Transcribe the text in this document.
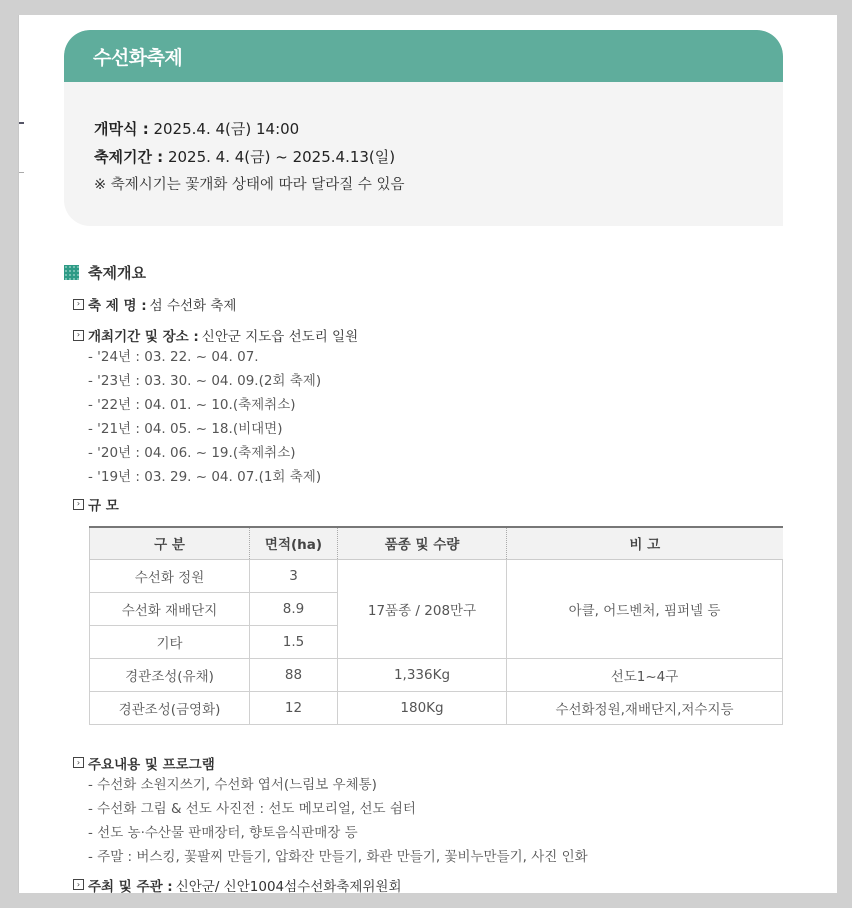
수선화축제
개막식 : 2025.4. 4(금) 14:00
축제기간 : 2025. 4. 4(금) ~ 2025.4.13(일)
※ 축제시기는 꽃개화 상태에 따라 달라질 수 있음
축제개요
› 축 제 명 : 섬 수선화 축제
› 개최기간 및 장소 : 신안군 지도읍 선도리 일원
- '24년 : 03. 22. ~ 04. 07.
- '23년 : 03. 30. ~ 04. 09.(2회 축제)
- '22년 : 04. 01. ~ 10.(축제취소)
- '21년 : 04. 05. ~ 18.(비대면)
- '20년 : 04. 06. ~ 19.(축제취소)
- '19년 : 03. 29. ~ 04. 07.(1회 축제)
› 규 모
구 분	면적(ha)	품종 및 수량	비 고
수선화 정원	3	17품종 / 208만구	아클, 어드벤처, 핌퍼넬 등
수선화 재배단지	8.9		
기타	1.5		
경관조성(유채)	88	1,336Kg	선도1~4구
경관조성(금영화)	12	180Kg	수선화정원,재배단지,저수지등
› 주요내용 및 프로그램
- 수선화 소원지쓰기, 수선화 엽서(느림보 우체통)
- 수선화 그림 & 선도 사진전 : 선도 메모리얼, 선도 쉼터
- 선도 농·수산물 판매장터, 향토음식판매장 등
- 주말 : 버스킹, 꽃팔찌 만들기, 압화잔 만들기, 화관 만들기, 꽃비누만들기, 사진 인화
› 주최 및 주관 : 신안군/ 신안1004섬수선화축제위원회
